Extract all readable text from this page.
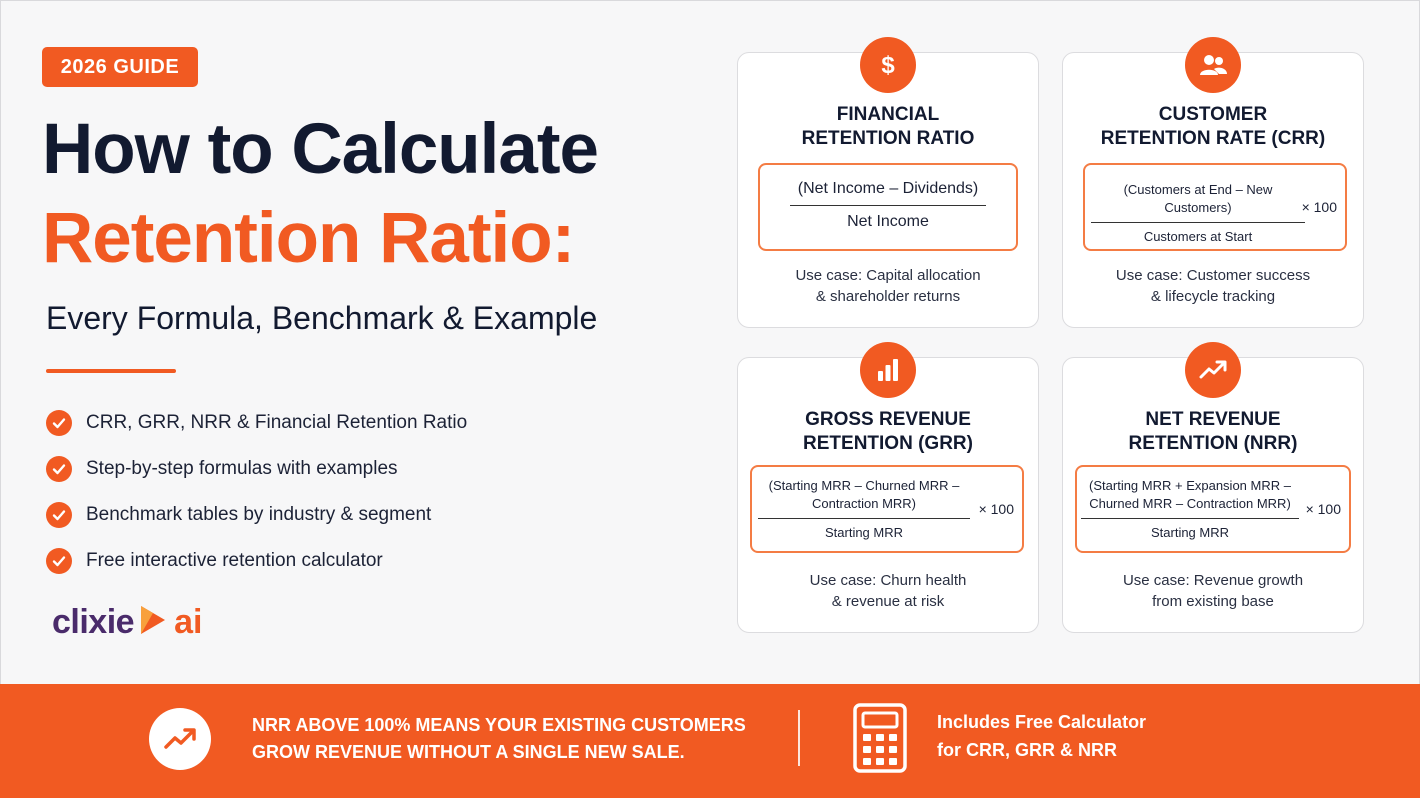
2026 GUIDE
How to Calculate
Retention Ratio:
Every Formula, Benchmark & Example
CRR, GRR, NRR & Financial Retention Ratio
Step-by-step formulas with examples
Benchmark tables by industry & segment
Free interactive retention calculator
clixie ai
$
FINANCIAL
RETENTION RATIO
(Net Income – Dividends)
Net Income
Use case: Capital allocation
& shareholder returns
CUSTOMER
RETENTION RATE (CRR)
(Customers at End – New Customers)
Customers at Start
× 100
Use case: Customer success
& lifecycle tracking
GROSS REVENUE
RETENTION (GRR)
(Starting MRR – Churned MRR –
Contraction MRR)
Starting MRR
× 100
Use case: Churn health
& revenue at risk
NET REVENUE
RETENTION (NRR)
(Starting MRR + Expansion MRR –
Churned MRR – Contraction MRR)
Starting MRR
× 100
Use case: Revenue growth
from existing base
NRR ABOVE 100% MEANS YOUR EXISTING CUSTOMERS
GROW REVENUE WITHOUT A SINGLE NEW SALE.
Includes Free Calculator
for CRR, GRR & NRR
